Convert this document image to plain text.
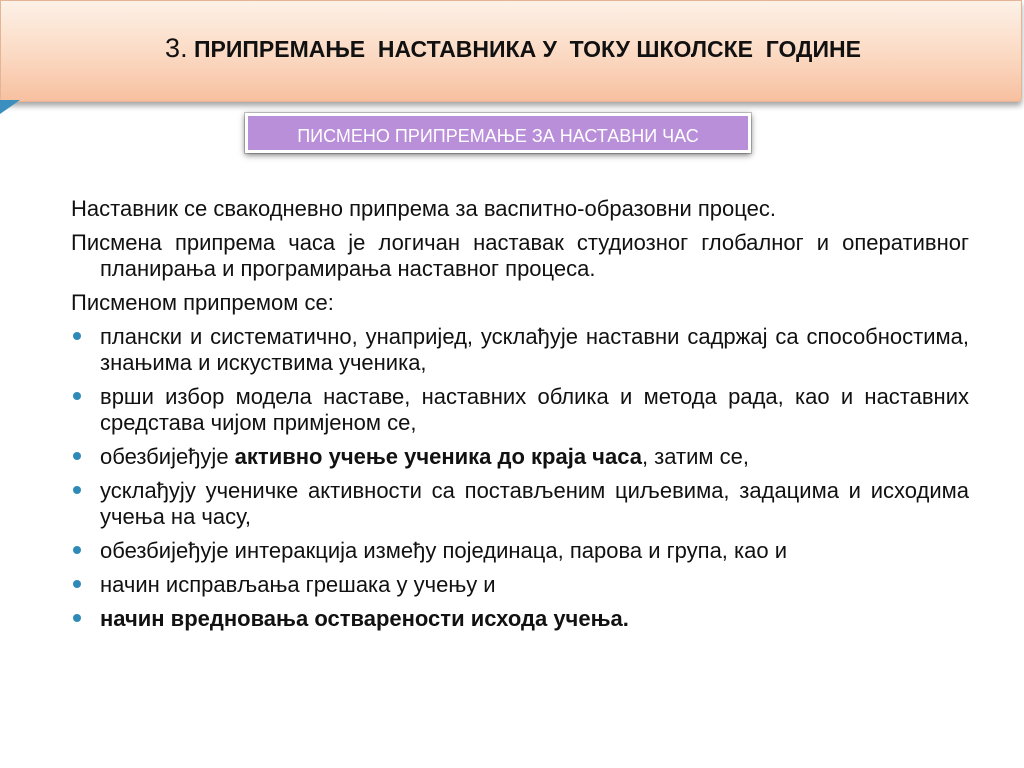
3. ПРИПРЕМАЊЕ  НАСТАВНИКА У  ТОКУ ШКОЛСКЕ  ГОДИНЕ
ПИСМЕНО ПРИПРЕМАЊЕ ЗА НАСТАВНИ ЧАС
Наставник се свакодневно припрема за васпитно-образовни процес.
Писмена припрема часа је логичан наставак студиозног глобалног и оперативног планирања и програмирања наставног процеса.
Писменом припремом се:
плански и систематично, унапријед, усклађује наставни садржај са способностима, знањима и искуствима ученика,
врши избор модела наставе, наставних облика и метода рада, као и наставних средстава чијом примјеном се,
обезбијеђује активно учење ученика до краја часа, затим се,
усклађују ученичке активности са постављеним циљевима, задацима и исходима учења на часу,
обезбијеђује интеракција између појединаца, парова и група, као и
начин исправљања грешака у учењу и
начин вредновања остварености исхода учења.
